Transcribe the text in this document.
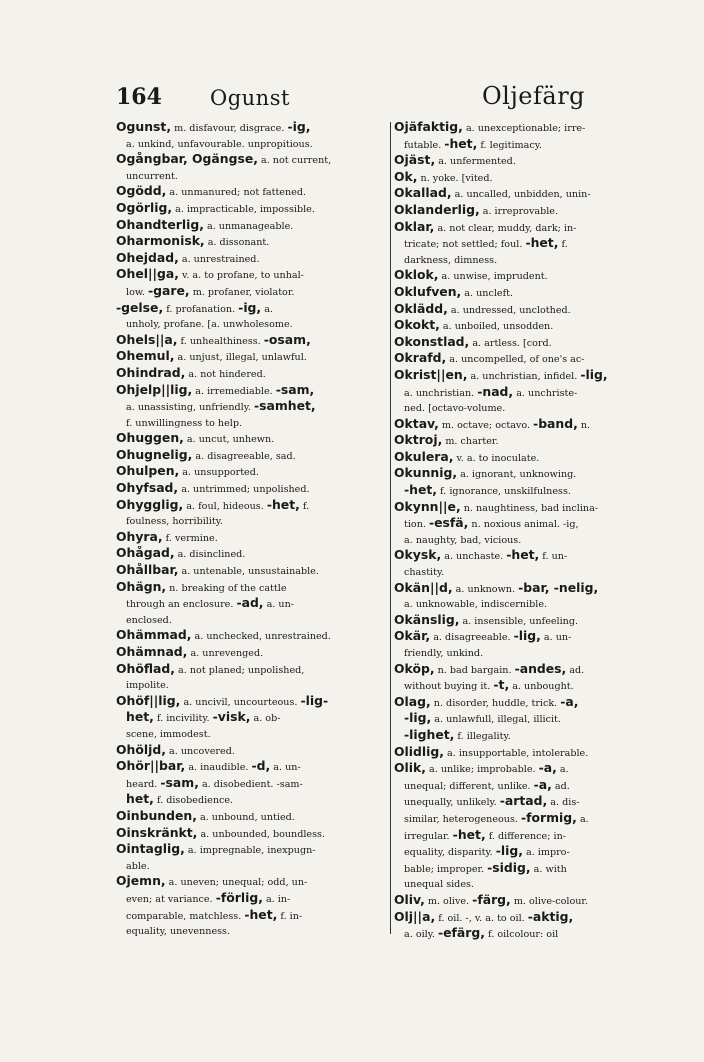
164 Ogunst	Oljefärg
Ogunst, m. disfavour, disgrace. -ig,
a. unkind, unfavourable. unpropitious.
Ogångbar, Ogängse, a. not current,
uncurrent.
Ogödd, a. unmanured; not fattened.
Ogörlig, a. impracticable, impossible.
Ohandterlig, a. unmanageable.
Oharmonisk, a. dissonant.
Ohejdad, a. unrestrained.
Ohel||ga, v. a. to profane, to unhal-
low. -gare, m. profaner, violator.
-gelse, f. profanation. -ig, a.
unholy, profane. [a. unwholesome.
Ohels||a, f. unhealthiness. -osam,
Ohemul, a. unjust, illegal, unlawful.
Ohindrad, a. not hindered.
Ohjelp||lig, a. irremediable. -sam,
a. unassisting, unfriendly. -samhet,
f. unwillingness to help.
Ohuggen, a. uncut, unhewn.
Ohugnelig, a. disagreeable, sad.
Ohulpen, a. unsupported.
Ohyfsad, a. untrimmed; unpolished.
Ohygglig, a. foul, hideous. -het, f.
foulness, horribility.
Ohyra, f. vermine.
Ohågad, a. disinclined.
Ohållbar, a. untenable, unsustainable.
Ohägn, n. breaking of the cattle
through an enclosure. -ad, a. un-
enclosed.
Ohämmad, a. unchecked, unrestrained.
Ohämnad, a. unrevenged.
Ohöflad, a. not planed; unpolished,
impolite.
Ohöf||lig, a. uncivil, uncourteous. -lig-
het, f. incivility. -visk, a. ob-
scene, immodest.
Ohöljd, a. uncovered.
Ohör||bar, a. inaudible. -d, a. un-
heard. -sam, a. disobedient. -sam-
het, f. disobedience.
Oinbunden, a. unbound, untied.
Oinskränkt, a. unbounded, boundless.
Ointaglig, a. impregnable, inexpugn-
able.
Ojemn, a. uneven; unequal; odd, un-
even; at variance. -förlig, a. in-
comparable, matchless. -het, f. in-
equality, unevenness.
Ojäfaktig, a. unexceptionable; irre-
futable. -het, f. legitimacy.
Ojäst, a. unfermented.
Ok, n. yoke. [vited.
Okallad, a. uncalled, unbidden, unin-
Oklanderlig, a. irreprovable.
Oklar, a. not clear, muddy, dark; in-
tricate; not settled; foul. -het, f.
darkness, dimness.
Oklok, a. unwise, imprudent.
Oklufven, a. uncleft.
Oklädd, a. undressed, unclothed.
Okokt, a. unboiled, unsodden.
Okonstlad, a. artless. [cord.
Okrafd, a. uncompelled, of one's ac-
Okrist||en, a. unchristian, infidel. -lig,
a. unchristian. -nad, a. unchriste-
ned. [octavo-volume.
Oktav, m. octave; octavo. -band, n.
Oktroj, m. charter.
Okulera, v. a. to inoculate.
Okunnig, a. ignorant, unknowing.
-het, f. ignorance, unskilfulness.
Okynn||e, n. naughtiness, bad inclina-
tion. -esfä, n. noxious animal. -ig,
a. naughty, bad, vicious.
Okysk, a. unchaste. -het, f. un-
chastity.
Okän||d, a. unknown. -bar, -nelig,
a. unknowable, indiscernible.
Okänslig, a. insensible, unfeeling.
Okär, a. disagreeable. -lig, a. un-
friendly, unkind.
Oköp, n. bad bargain. -andes, ad.
without buying it. -t, a. unbought.
Olag, n. disorder, huddle, trick. -a,
-lig, a. unlawfull, illegal, illicit.
-lighet, f. illegality.
Olidlig, a. insupportable, intolerable.
Olik, a. unlike; improbable. -a, a.
unequal; different, unlike. -a, ad.
unequally, unlikely. -artad, a. dis-
similar, heterogeneous. -formig, a.
irregular. -het, f. difference; in-
equality, disparity. -lig, a. impro-
bable; improper. -sidig, a. with
unequal sides.
Oliv, m. olive. -färg, m. olive-colour.
Olj||a, f. oil. -, v. a. to oil. -aktig,
a. oily. -efärg, f. oilcolour: oil
